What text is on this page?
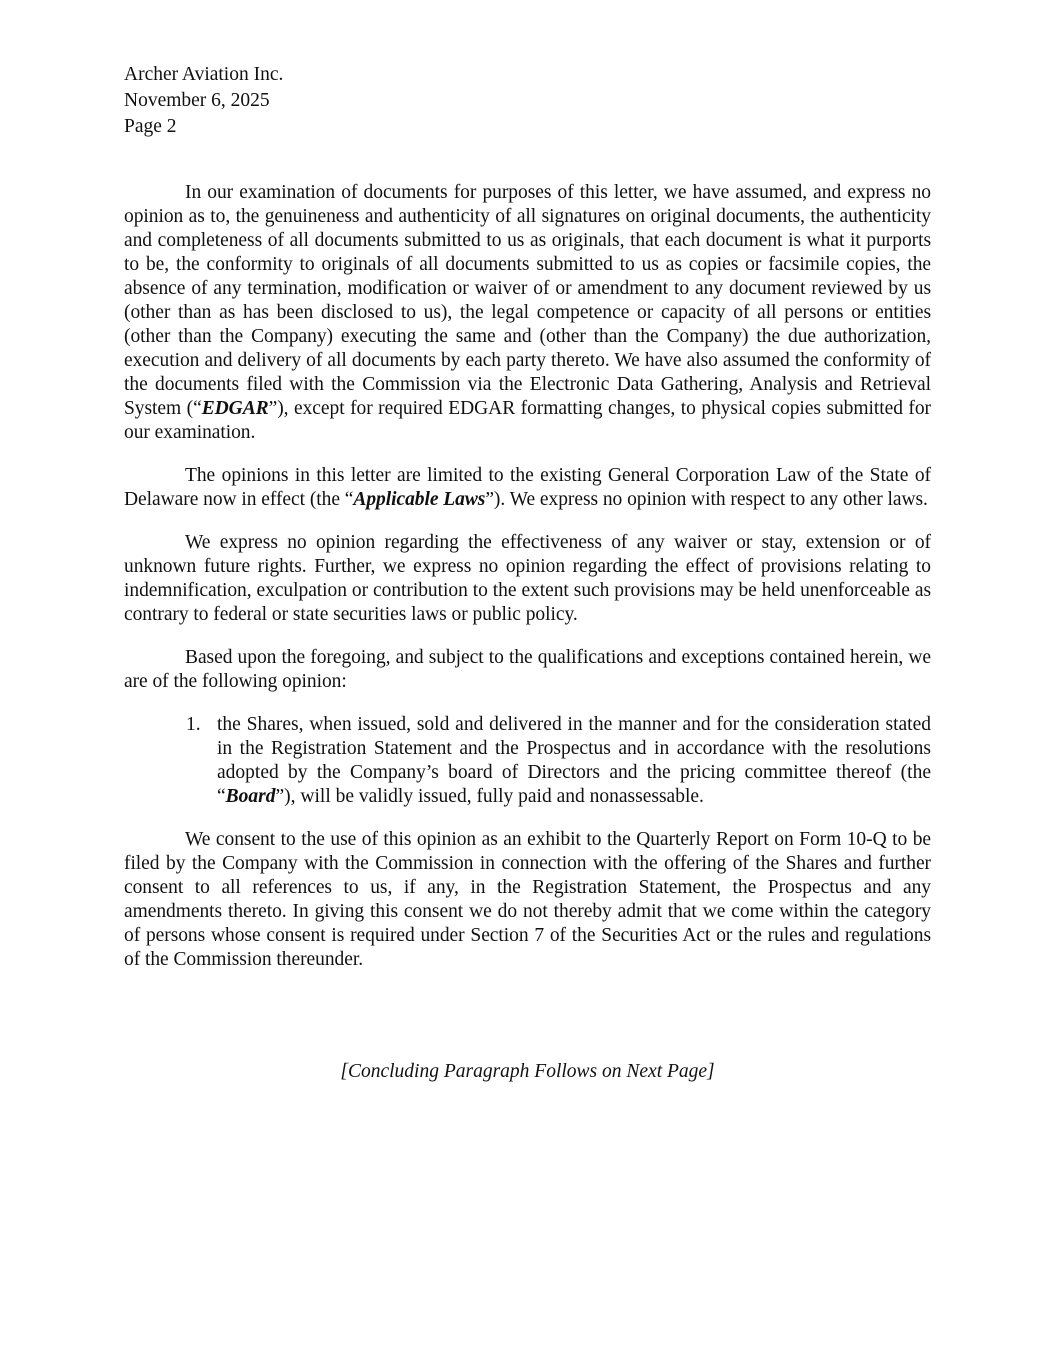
Archer Aviation Inc.
November 6, 2025
Page 2

In our examination of documents for purposes of this letter, we have assumed, and express no opinion as to, the genuineness and authenticity of all signatures on original documents, the authenticity and completeness of all documents submitted to us as originals, that each document is what it purports to be, the conformity to originals of all documents submitted to us as copies or facsimile copies, the absence of any termination, modification or waiver of or amendment to any document reviewed by us (other than as has been disclosed to us), the legal competence or capacity of all persons or entities (other than the Company) executing the same and (other than the Company) the due authorization, execution and delivery of all documents by each party thereto. We have also assumed the conformity of the documents filed with the Commission via the Electronic Data Gathering, Analysis and Retrieval System (“EDGAR”), except for required EDGAR formatting changes, to physical copies submitted for our examination.

The opinions in this letter are limited to the existing General Corporation Law of the State of Delaware now in effect (the “Applicable Laws”). We express no opinion with respect to any other laws.

We express no opinion regarding the effectiveness of any waiver or stay, extension or of unknown future rights. Further, we express no opinion regarding the effect of provisions relating to indemnification, exculpation or contribution to the extent such provisions may be held unenforceable as contrary to federal or state securities laws or public policy.

Based upon the foregoing, and subject to the qualifications and exceptions contained herein, we are of the following opinion:

1. the Shares, when issued, sold and delivered in the manner and for the consideration stated in the Registration Statement and the Prospectus and in accordance with the resolutions adopted by the Company’s board of Directors and the pricing committee thereof (the “Board”), will be validly issued, fully paid and nonassessable.

We consent to the use of this opinion as an exhibit to the Quarterly Report on Form 10-Q to be filed by the Company with the Commission in connection with the offering of the Shares and further consent to all references to us, if any, in the Registration Statement, the Prospectus and any amendments thereto. In giving this consent we do not thereby admit that we come within the category of persons whose consent is required under Section 7 of the Securities Act or the rules and regulations of the Commission thereunder.

[Concluding Paragraph Follows on Next Page]
